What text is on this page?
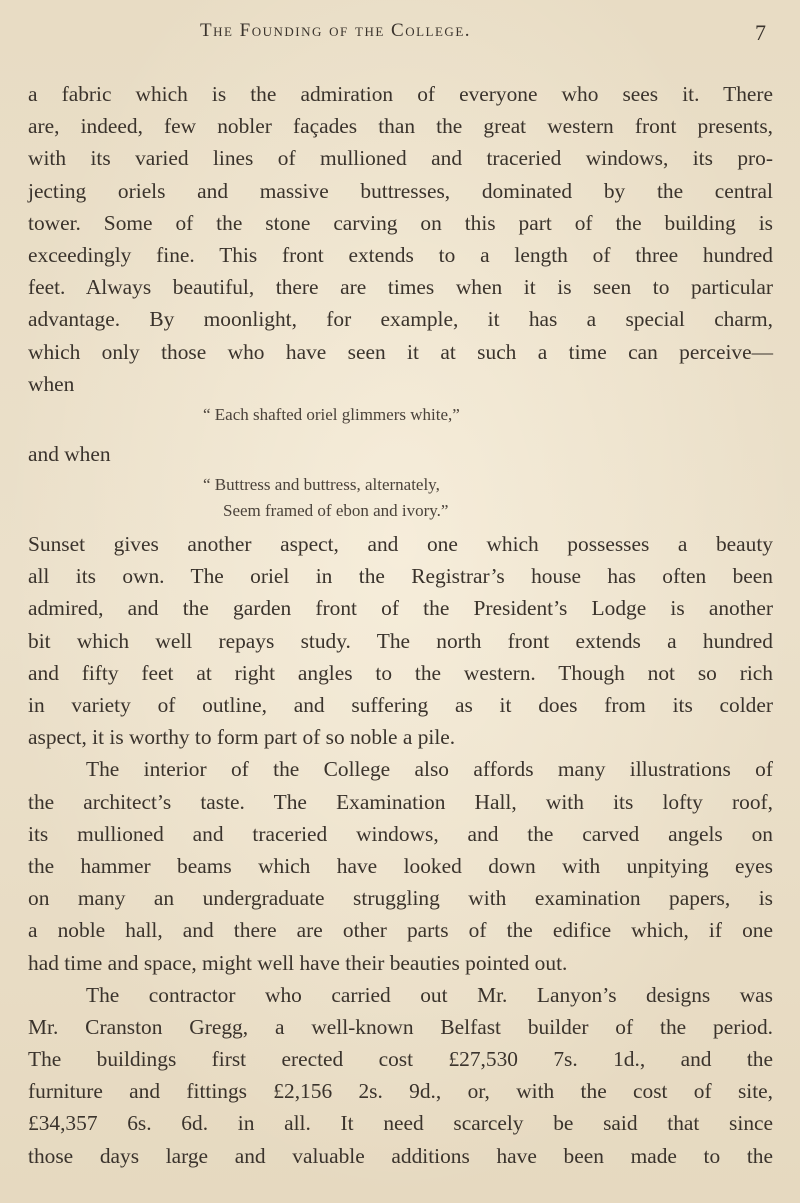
The Founding of the College.	7
a fabric which is the admiration of everyone who sees it. There
are, indeed, few nobler façades than the great western front presents,
with its varied lines of mullioned and traceried windows, its pro-
jecting oriels and massive buttresses, dominated by the central
tower. Some of the stone carving on this part of the building is
exceedingly fine. This front extends to a length of three hundred
feet. Always beautiful, there are times when it is seen to particular
advantage. By moonlight, for example, it has a special charm,
which only those who have seen it at such a time can perceive—
when
“ Each shafted oriel glimmers white,”
and when
“ Buttress and buttress, alternately,
Seem framed of ebon and ivory.”
Sunset gives another aspect, and one which possesses a beauty
all its own. The oriel in the Registrar’s house has often been
admired, and the garden front of the President’s Lodge is another
bit which well repays study. The north front extends a hundred
and fifty feet at right angles to the western. Though not so rich
in variety of outline, and suffering as it does from its colder
aspect, it is worthy to form part of so noble a pile.
The interior of the College also affords many illustrations of
the architect’s taste. The Examination Hall, with its lofty roof,
its mullioned and traceried windows, and the carved angels on
the hammer beams which have looked down with unpitying eyes
on many an undergraduate struggling with examination papers, is
a noble hall, and there are other parts of the edifice which, if one
had time and space, might well have their beauties pointed out.
The contractor who carried out Mr. Lanyon’s designs was
Mr. Cranston Gregg, a well-known Belfast builder of the period.
The buildings first erected cost £27,530 7s. 1d., and the
furniture and fittings £2,156 2s. 9d., or, with the cost of site,
£34,357 6s. 6d. in all. It need scarcely be said that since
those days large and valuable additions have been made to the
